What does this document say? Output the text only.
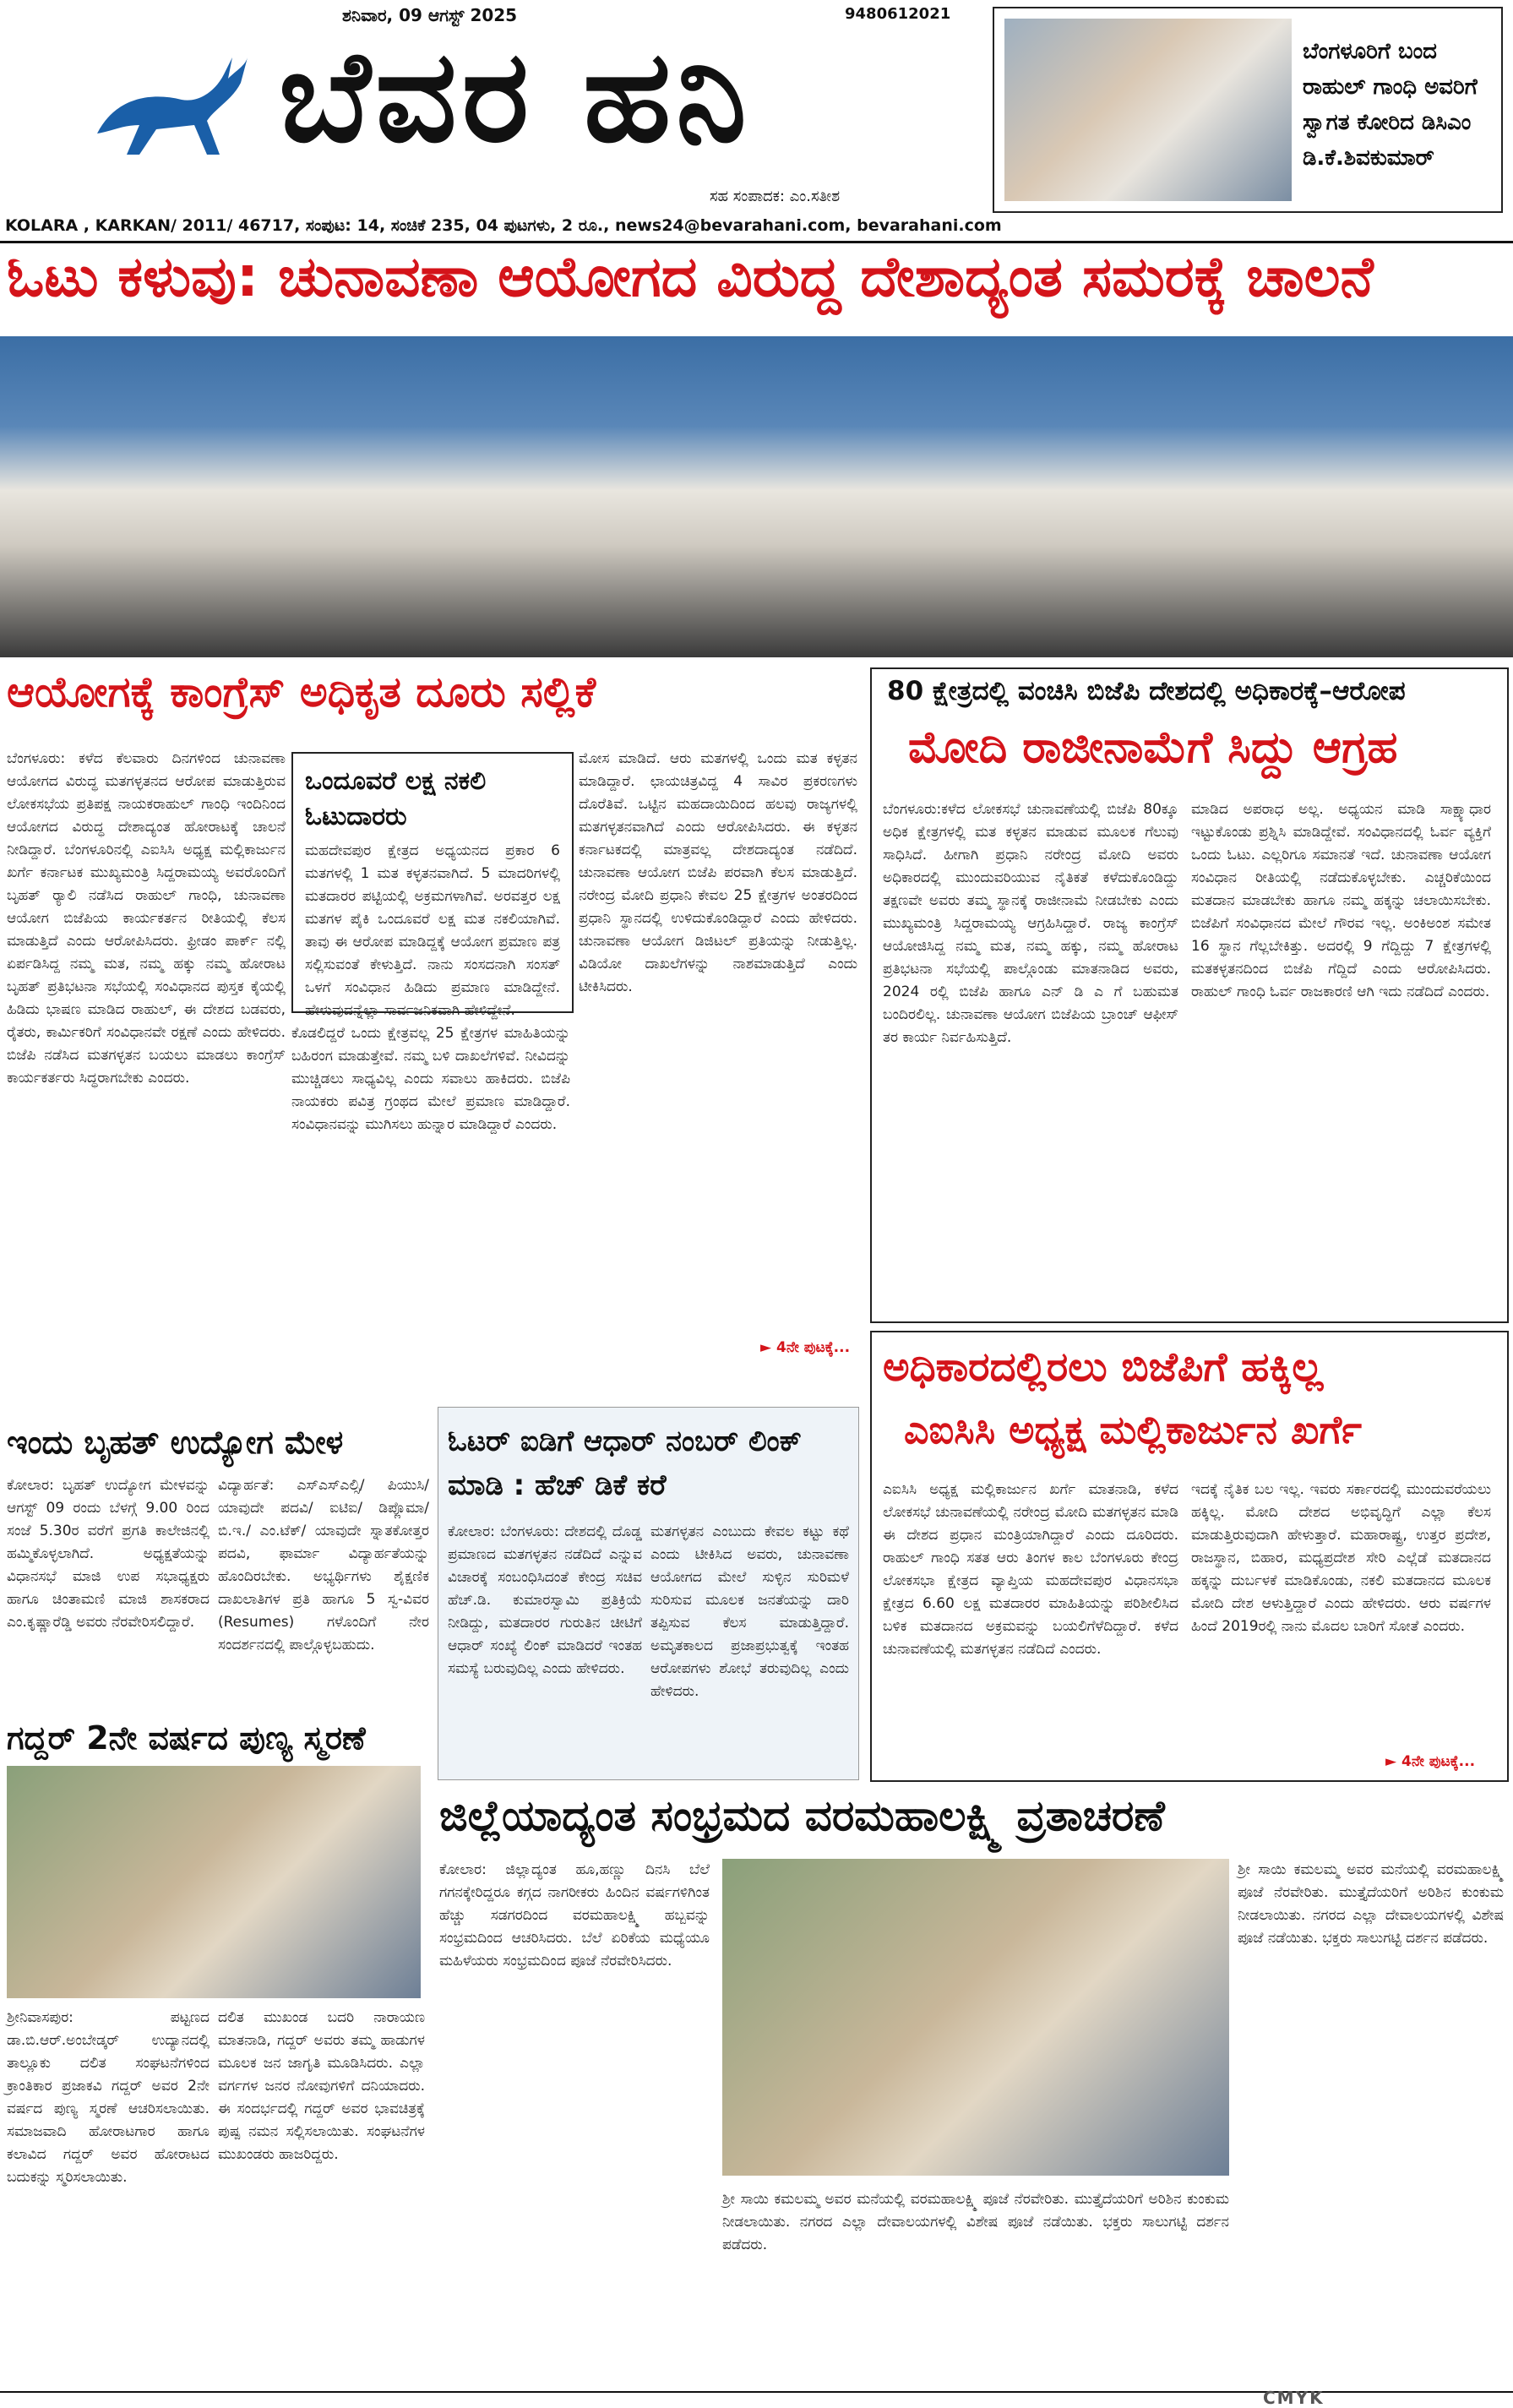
ಶನಿವಾರ, 09 ಆಗಸ್ಟ್ 2025	9480612021
ಬೆವರ ಹನಿ
ಸಹ ಸಂಪಾದಕ: ಎಂ.ಸತೀಶ
ಬೆಂಗಳೂರಿಗೆ ಬಂದ ರಾಹುಲ್ ಗಾಂಧಿ ಅವರಿಗೆ ಸ್ವಾಗತ ಕೋರಿದ ಡಿಸಿಎಂ ಡಿ.ಕೆ.ಶಿವಕುಮಾರ್
KOLARA , KARKAN/ 2011/ 46717, ಸಂಪುಟ: 14, ಸಂಚಿಕೆ 235, 04 ಪುಟಗಳು, 2 ರೂ., news24@bevarahani.com, bevarahani.com
ಓಟು ಕಳುವು: ಚುನಾವಣಾ ಆಯೋಗದ ವಿರುದ್ದ ದೇಶಾದ್ಯಂತ ಸಮರಕ್ಕೆ ಚಾಲನೆ
ಆಯೋಗಕ್ಕೆ ಕಾಂಗ್ರೆಸ್ ಅಧಿಕೃತ ದೂರು ಸಲ್ಲಿಕೆ
ಬೆಂಗಳೂರು: ಕಳೆದ ಕೆಲವಾರು ದಿನಗಳಿಂದ ಚುನಾವಣಾ ಆಯೋಗದ ವಿರುದ್ಧ ಮತಗಳ್ಳತನದ ಆರೋಪ ಮಾಡುತ್ತಿರುವ ಲೋಕಸಭೆಯ ಪ್ರತಿಪಕ್ಷ ನಾಯಕರಾಹುಲ್ ಗಾಂಧಿ ಇಂದಿನಿಂದ ಆಯೋಗದ ವಿರುದ್ಧ ದೇಶಾದ್ಯಂತ ಹೋರಾಟಕ್ಕೆ ಚಾಲನೆ ನೀಡಿದ್ದಾರೆ. ಬೆಂಗಳೂರಿನಲ್ಲಿ ಎಐಸಿಸಿ ಅಧ್ಯಕ್ಷ ಮಲ್ಲಿಕಾರ್ಜುನ ಖರ್ಗೆ ಕರ್ನಾಟಕ ಮುಖ್ಯಮಂತ್ರಿ ಸಿದ್ದರಾಮಯ್ಯ ಅವರೊಂದಿಗೆ ಬೃಹತ್ ರ‍್ಯಾಲಿ ನಡೆಸಿದ ರಾಹುಲ್ ಗಾಂಧಿ, ಚುನಾವಣಾ ಆಯೋಗ ಬಿಜೆಪಿಯ ಕಾರ್ಯಕರ್ತನ ರೀತಿಯಲ್ಲಿ ಕೆಲಸ ಮಾಡುತ್ತಿದೆ ಎಂದು ಆರೋಪಿಸಿದರು. ಫ್ರೀಡಂ ಪಾರ್ಕ್ ನಲ್ಲಿ ಏರ್ಪಡಿಸಿದ್ದ ನಮ್ಮ ಮತ, ನಮ್ಮ ಹಕ್ಕು ನಮ್ಮ ಹೋರಾಟ ಬೃಹತ್ ಪ್ರತಿಭಟನಾ ಸಭೆಯಲ್ಲಿ ಸಂವಿಧಾನದ ಪುಸ್ತಕ ಕೈಯಲ್ಲಿ ಹಿಡಿದು ಭಾಷಣ ಮಾಡಿದ ರಾಹುಲ್, ಈ ದೇಶದ ಬಡವರು, ರೈತರು, ಕಾರ್ಮಿಕರಿಗೆ ಸಂವಿಧಾನವೇ ರಕ್ಷಣೆ ಎಂದು ಹೇಳಿದರು. ಬಿಜೆಪಿ ನಡೆಸಿದ ಮತಗಳ್ಳತನ ಬಯಲು ಮಾಡಲು ಕಾಂಗ್ರೆಸ್ ಕಾರ್ಯಕರ್ತರು ಸಿದ್ಧರಾಗಬೇಕು ಎಂದರು.
ಒಂದೂವರೆ ಲಕ್ಷ ನಕಲಿ ಓಟುದಾರರು
ಮಹದೇವಪುರ ಕ್ಷೇತ್ರದ ಅಧ್ಯಯನದ ಪ್ರಕಾರ 6 ಮತಗಳಲ್ಲಿ 1 ಮತ ಕಳ್ಳತನವಾಗಿದೆ. 5 ಮಾದರಿಗಳಲ್ಲಿ ಮತದಾರರ ಪಟ್ಟಿಯಲ್ಲಿ ಅಕ್ರಮಗಳಾಗಿವೆ. ಅರವತ್ತರ ಲಕ್ಷ ಮತಗಳ ಪೈಕಿ ಒಂದೂವರೆ ಲಕ್ಷ ಮತ ನಕಲಿಯಾಗಿವೆ. ತಾವು ಈ ಆರೋಪ ಮಾಡಿದ್ದಕ್ಕೆ ಆಯೋಗ ಪ್ರಮಾಣ ಪತ್ರ ಸಲ್ಲಿಸುವಂತೆ ಕೇಳುತ್ತಿದೆ. ನಾನು ಸಂಸದನಾಗಿ ಸಂಸತ್ ಒಳಗೆ ಸಂವಿಧಾನ ಹಿಡಿದು ಪ್ರಮಾಣ ಮಾಡಿದ್ದೇನೆ. ಹೇಳುವುದನ್ನೆಲ್ಲಾ ಸಾರ್ವಜನಿಕವಾಗಿ ಹೇಳಿದ್ದೇನೆ.
ಕೊಡಲಿದ್ದರೆ ಒಂದು ಕ್ಷೇತ್ರವಲ್ಲ 25 ಕ್ಷೇತ್ರಗಳ ಮಾಹಿತಿಯನ್ನು ಬಹಿರಂಗ ಮಾಡುತ್ತೇವೆ. ನಮ್ಮ ಬಳಿ ದಾಖಲೆಗಳಿವೆ. ನೀವಿದನ್ನು ಮುಚ್ಚಿಡಲು ಸಾಧ್ಯವಿಲ್ಲ ಎಂದು ಸವಾಲು ಹಾಕಿದರು. ಬಿಜೆಪಿ ನಾಯಕರು ಪವಿತ್ರ ಗ್ರಂಥದ ಮೇಲೆ ಪ್ರಮಾಣ ಮಾಡಿದ್ದಾರೆ. ಸಂವಿಧಾನವನ್ನು ಮುಗಿಸಲು ಹುನ್ನಾರ ಮಾಡಿದ್ದಾರೆ ಎಂದರು.
ಮೋಸ ಮಾಡಿದೆ. ಆರು ಮತಗಳಲ್ಲಿ ಒಂದು ಮತ ಕಳ್ಳತನ ಮಾಡಿದ್ದಾರೆ. ಛಾಯಚಿತ್ರವಿದ್ದ 4 ಸಾವಿರ ಪ್ರಕರಣಗಳು ದೊರೆತಿವೆ. ಒಟ್ಟಿನ ಮಹದಾಯಿದಿಂದ ಹಲವು ರಾಜ್ಯಗಳಲ್ಲಿ ಮತಗಳ್ಳತನವಾಗಿದೆ ಎಂದು ಆರೋಪಿಸಿದರು. ಈ ಕಳ್ಳತನ ಕರ್ನಾಟಕದಲ್ಲಿ ಮಾತ್ರವಲ್ಲ ದೇಶದಾದ್ಯಂತ ನಡೆದಿದೆ. ಚುನಾವಣಾ ಆಯೋಗ ಬಿಜೆಪಿ ಪರವಾಗಿ ಕೆಲಸ ಮಾಡುತ್ತಿದೆ. ನರೇಂದ್ರ ಮೋದಿ ಪ್ರಧಾನಿ ಕೇವಲ 25 ಕ್ಷೇತ್ರಗಳ ಅಂತರದಿಂದ ಪ್ರಧಾನಿ ಸ್ಥಾನದಲ್ಲಿ ಉಳಿದುಕೊಂಡಿದ್ದಾರೆ ಎಂದು ಹೇಳಿದರು. ಚುನಾವಣಾ ಆಯೋಗ ಡಿಜಿಟಲ್ ಪ್ರತಿಯನ್ನು ನೀಡುತ್ತಿಲ್ಲ. ವಿಡಿಯೋ ದಾಖಲೆಗಳನ್ನು ನಾಶಮಾಡುತ್ತಿದೆ ಎಂದು ಟೀಕಿಸಿದರು.
► 4ನೇ ಪುಟಕ್ಕೆ...
80 ಕ್ಷೇತ್ರದಲ್ಲಿ ವಂಚಿಸಿ ಬಿಜೆಪಿ ದೇಶದಲ್ಲಿ ಅಧಿಕಾರಕ್ಕೆ–ಆರೋಪ
ಮೋದಿ ರಾಜೀನಾಮೆಗೆ ಸಿದ್ದು ಆಗ್ರಹ
ಬೆಂಗಳೂರು:ಕಳೆದ ಲೋಕಸಭೆ ಚುನಾವಣೆಯಲ್ಲಿ ಬಿಜೆಪಿ 80ಕ್ಕೂ ಅಧಿಕ ಕ್ಷೇತ್ರಗಳಲ್ಲಿ ಮತ ಕಳ್ಳತನ ಮಾಡುವ ಮೂಲಕ ಗೆಲುವು ಸಾಧಿಸಿದೆ. ಹೀಗಾಗಿ ಪ್ರಧಾನಿ ನರೇಂದ್ರ ಮೋದಿ ಅವರು ಅಧಿಕಾರದಲ್ಲಿ ಮುಂದುವರಿಯುವ ನೈತಿಕತೆ ಕಳೆದುಕೊಂಡಿದ್ದು ತಕ್ಷಣವೇ ಅವರು ತಮ್ಮ ಸ್ಥಾನಕ್ಕೆ ರಾಜೀನಾಮೆ ನೀಡಬೇಕು ಎಂದು ಮುಖ್ಯಮಂತ್ರಿ ಸಿದ್ದರಾಮಯ್ಯ ಆಗ್ರಹಿಸಿದ್ದಾರೆ. ರಾಜ್ಯ ಕಾಂಗ್ರೆಸ್ ಆಯೋಜಿಸಿದ್ದ ನಮ್ಮ ಮತ, ನಮ್ಮ ಹಕ್ಕು, ನಮ್ಮ ಹೋರಾಟ ಪ್ರತಿಭಟನಾ ಸಭೆಯಲ್ಲಿ ಪಾಲ್ಗೊಂಡು ಮಾತನಾಡಿದ ಅವರು, 2024 ರಲ್ಲಿ ಬಿಜೆಪಿ ಹಾಗೂ ಎನ್ ಡಿ ಎ ಗೆ ಬಹುಮತ ಬಂದಿರಲಿಲ್ಲ. ಚುನಾವಣಾ ಆಯೋಗ ಬಿಜೆಪಿಯ ಬ್ರಾಂಚ್ ಆಫೀಸ್ ತರ ಕಾರ್ಯ ನಿರ್ವಹಿಸುತ್ತಿದೆ.
ಮಾಡಿದ ಅಪರಾಧ ಅಲ್ಲ. ಅಧ್ಯಯನ ಮಾಡಿ ಸಾಕ್ಷ್ಯಾಧಾರ ಇಟ್ಟುಕೊಂಡು ಪ್ರಶ್ನಿಸಿ ಮಾಡಿದ್ದೇವೆ. ಸಂವಿಧಾನದಲ್ಲಿ ಓರ್ವ ವ್ಯಕ್ತಿಗೆ ಒಂದು ಓಟು. ಎಲ್ಲರಿಗೂ ಸಮಾನತೆ ಇದೆ. ಚುನಾವಣಾ ಆಯೋಗ ಸಂವಿಧಾನ ರೀತಿಯಲ್ಲಿ ನಡೆದುಕೊಳ್ಳಬೇಕು. ಎಚ್ಚರಿಕೆಯಿಂದ ಮತದಾನ ಮಾಡಬೇಕು ಹಾಗೂ ನಮ್ಮ ಹಕ್ಕನ್ನು ಚಲಾಯಿಸಬೇಕು. ಬಿಜೆಪಿಗೆ ಸಂವಿಧಾನದ ಮೇಲೆ ಗೌರವ ಇಲ್ಲ. ಅಂಕಿಅಂಶ ಸಮೇತ 16 ಸ್ಥಾನ ಗೆಲ್ಲಬೇಕಿತ್ತು. ಅದರಲ್ಲಿ 9 ಗೆದ್ದಿದ್ದು 7 ಕ್ಷೇತ್ರಗಳಲ್ಲಿ ಮತಕಳ್ಳತನದಿಂದ ಬಿಜೆಪಿ ಗೆದ್ದಿದೆ ಎಂದು ಆರೋಪಿಸಿದರು. ರಾಹುಲ್ ಗಾಂಧಿ ಓರ್ವ ರಾಜಕಾರಣಿ ಆಗಿ ಇದು ನಡೆದಿದೆ ಎಂದರು.
ಅಧಿಕಾರದಲ್ಲಿರಲು ಬಿಜೆಪಿಗೆ ಹಕ್ಕಿಲ್ಲ
ಎಐಸಿಸಿ ಅಧ್ಯಕ್ಷ ಮಲ್ಲಿಕಾರ್ಜುನ ಖರ್ಗೆ
ಎಐಸಿಸಿ ಅಧ್ಯಕ್ಷ ಮಲ್ಲಿಕಾರ್ಜುನ ಖರ್ಗೆ ಮಾತನಾಡಿ, ಕಳೆದ ಲೋಕಸಭೆ ಚುನಾವಣೆಯಲ್ಲಿ ನರೇಂದ್ರ ಮೋದಿ ಮತಗಳ್ಳತನ ಮಾಡಿ ಈ ದೇಶದ ಪ್ರಧಾನ ಮಂತ್ರಿಯಾಗಿದ್ದಾರೆ ಎಂದು ದೂರಿದರು. ರಾಹುಲ್ ಗಾಂಧಿ ಸತತ ಆರು ತಿಂಗಳ ಕಾಲ ಬೆಂಗಳೂರು ಕೇಂದ್ರ ಲೋಕಸಭಾ ಕ್ಷೇತ್ರದ ವ್ಯಾಪ್ತಿಯ ಮಹದೇವಪುರ ವಿಧಾನಸಭಾ ಕ್ಷೇತ್ರದ 6.60 ಲಕ್ಷ ಮತದಾರರ ಮಾಹಿತಿಯನ್ನು ಪರಿಶೀಲಿಸಿದ ಬಳಿಕ ಮತದಾನದ ಅಕ್ರಮವನ್ನು ಬಯಲಿಗೆಳೆದಿದ್ದಾರೆ. ಕಳೆದ ಚುನಾವಣೆಯಲ್ಲಿ ಮತಗಳ್ಳತನ ನಡೆದಿದೆ ಎಂದರು.
ಇದಕ್ಕೆ ನೈತಿಕ ಬಲ ಇಲ್ಲ. ಇವರು ಸರ್ಕಾರದಲ್ಲಿ ಮುಂದುವರೆಯಲು ಹಕ್ಕಿಲ್ಲ. ಮೋದಿ ದೇಶದ ಅಭಿವೃದ್ಧಿಗೆ ಎಲ್ಲಾ ಕೆಲಸ ಮಾಡುತ್ತಿರುವುದಾಗಿ ಹೇಳುತ್ತಾರೆ. ಮಹಾರಾಷ್ಟ್ರ, ಉತ್ತರ ಪ್ರದೇಶ, ರಾಜಸ್ಥಾನ, ಬಿಹಾರ, ಮಧ್ಯಪ್ರದೇಶ ಸೇರಿ ಎಲ್ಲೆಡೆ ಮತದಾನದ ಹಕ್ಕನ್ನು ದುರ್ಬಳಕೆ ಮಾಡಿಕೊಂಡು, ನಕಲಿ ಮತದಾನದ ಮೂಲಕ ಮೋದಿ ದೇಶ ಆಳುತ್ತಿದ್ದಾರೆ ಎಂದು ಹೇಳಿದರು. ಆರು ವರ್ಷಗಳ ಹಿಂದೆ 2019ರಲ್ಲಿ ನಾನು ಮೊದಲ ಬಾರಿಗೆ ಸೋತೆ ಎಂದರು.
► 4ನೇ ಪುಟಕ್ಕೆ...
ಇಂದು ಬೃಹತ್ ಉದ್ಯೋಗ ಮೇಳ
ಕೋಲಾರ: ಬೃಹತ್ ಉದ್ಯೋಗ ಮೇಳವನ್ನು ಆಗಸ್ಟ್ 09 ರಂದು ಬೆಳಗ್ಗೆ 9.00 ರಿಂದ ಸಂಜೆ 5.30ರ ವರೆಗೆ ಪ್ರಗತಿ ಕಾಲೇಜಿನಲ್ಲಿ ಹಮ್ಮಿಕೊಳ್ಳಲಾಗಿದೆ. ಅಧ್ಯಕ್ಷತೆಯನ್ನು ವಿಧಾನಸಭೆ ಮಾಜಿ ಉಪ ಸಭಾಧ್ಯಕ್ಷರು ಹಾಗೂ ಚಿಂತಾಮಣಿ ಮಾಜಿ ಶಾಸಕರಾದ ಎಂ.ಕೃಷ್ಣಾರೆಡ್ಡಿ ಅವರು ನೆರವೇರಿಸಲಿದ್ದಾರೆ.
ವಿದ್ಯಾರ್ಹತೆ: ಎಸ್ಎಸ್ಎಲ್ಸಿ/ ಪಿಯುಸಿ/ ಯಾವುದೇ ಪದವಿ/ ಐಟಿಐ/ ಡಿಪ್ಲೊಮಾ/ ಬಿ.ಇ./ ಎಂ.ಟೆಕ್/ ಯಾವುದೇ ಸ್ನಾತಕೋತ್ತರ ಪದವಿ, ಫಾರ್ಮಾ ವಿದ್ಯಾರ್ಹತೆಯನ್ನು ಹೊಂದಿರಬೇಕು. ಅಭ್ಯರ್ಥಿಗಳು ಶೈಕ್ಷಣಿಕ ದಾಖಲಾತಿಗಳ ಪ್ರತಿ ಹಾಗೂ 5 ಸ್ವ-ವಿವರ (Resumes) ಗಳೊಂದಿಗೆ ನೇರ ಸಂದರ್ಶನದಲ್ಲಿ ಪಾಲ್ಗೊಳ್ಳಬಹುದು.
ಓಟರ್ ಐಡಿಗೆ ಆಧಾರ್ ನಂಬರ್ ಲಿಂಕ್ ಮಾಡಿ : ಹೆಚ್ ಡಿಕೆ ಕರೆ
ಕೋಲಾರ: ಬೆಂಗಳೂರು: ದೇಶದಲ್ಲಿ ದೊಡ್ಡ ಪ್ರಮಾಣದ ಮತಗಳ್ಳತನ ನಡೆದಿದೆ ಎನ್ನುವ ವಿಚಾರಕ್ಕೆ ಸಂಬಂಧಿಸಿದಂತೆ ಕೇಂದ್ರ ಸಚಿವ ಹೆಚ್.ಡಿ. ಕುಮಾರಸ್ವಾಮಿ ಪ್ರತಿಕ್ರಿಯೆ ನೀಡಿದ್ದು, ಮತದಾರರ ಗುರುತಿನ ಚೀಟಿಗೆ ಆಧಾರ್ ಸಂಖ್ಯೆ ಲಿಂಕ್ ಮಾಡಿದರೆ ಇಂತಹ ಸಮಸ್ಯೆ ಬರುವುದಿಲ್ಲ ಎಂದು ಹೇಳಿದರು.
ಮತಗಳ್ಳತನ ಎಂಬುದು ಕೇವಲ ಕಟ್ಟು ಕಥೆ ಎಂದು ಟೀಕಿಸಿದ ಅವರು, ಚುನಾವಣಾ ಆಯೋಗದ ಮೇಲೆ ಸುಳ್ಳಿನ ಸುರಿಮಳೆ ಸುರಿಸುವ ಮೂಲಕ ಜನತೆಯನ್ನು ದಾರಿ ತಪ್ಪಿಸುವ ಕೆಲಸ ಮಾಡುತ್ತಿದ್ದಾರೆ. ಅಮೃತಕಾಲದ ಪ್ರಜಾಪ್ರಭುತ್ವಕ್ಕೆ ಇಂತಹ ಆರೋಪಗಳು ಶೋಭೆ ತರುವುದಿಲ್ಲ ಎಂದು ಹೇಳಿದರು.
ಗದ್ದರ್ 2ನೇ ವರ್ಷದ ಪುಣ್ಯ ಸ್ಮರಣೆ
ಶ್ರೀನಿವಾಸಪುರ: ಪಟ್ಟಣದ ಡಾ.ಬಿ.ಆರ್.ಅಂಬೇಡ್ಕರ್ ಉದ್ಯಾನದಲ್ಲಿ ತಾಲ್ಲೂಕು ದಲಿತ ಸಂಘಟನೆಗಳಿಂದ ಕ್ರಾಂತಿಕಾರ ಪ್ರಜಾಕವಿ ಗದ್ದರ್ ಅವರ 2ನೇ ವರ್ಷದ ಪುಣ್ಯ ಸ್ಮರಣೆ ಆಚರಿಸಲಾಯಿತು. ಸಮಾಜವಾದಿ ಹೋರಾಟಗಾರ ಹಾಗೂ ಕಲಾವಿದ ಗದ್ದರ್ ಅವರ ಹೋರಾಟದ ಬದುಕನ್ನು ಸ್ಮರಿಸಲಾಯಿತು.
ದಲಿತ ಮುಖಂಡ ಬದರಿ ನಾರಾಯಣ ಮಾತನಾಡಿ, ಗದ್ದರ್ ಅವರು ತಮ್ಮ ಹಾಡುಗಳ ಮೂಲಕ ಜನ ಜಾಗೃತಿ ಮೂಡಿಸಿದರು. ಎಲ್ಲಾ ವರ್ಗಗಳ ಜನರ ನೋವುಗಳಿಗೆ ದನಿಯಾದರು. ಈ ಸಂದರ್ಭದಲ್ಲಿ ಗದ್ದರ್ ಅವರ ಭಾವಚಿತ್ರಕ್ಕೆ ಪುಷ್ಪ ನಮನ ಸಲ್ಲಿಸಲಾಯಿತು. ಸಂಘಟನೆಗಳ ಮುಖಂಡರು ಹಾಜರಿದ್ದರು.
ಜಿಲ್ಲೆಯಾದ್ಯಂತ ಸಂಭ್ರಮದ ವರಮಹಾಲಕ್ಷ್ಮಿ ವ್ರತಾಚರಣೆ
ಕೋಲಾರ: ಜಿಲ್ಲಾದ್ಯಂತ ಹೂ,ಹಣ್ಣು ದಿನಸಿ ಬೆಲೆ ಗಗನಕ್ಕೇರಿದ್ದರೂ ಕಗ್ಗದ ನಾಗರೀಕರು ಹಿಂದಿನ ವರ್ಷಗಳಿಗಿಂತ ಹೆಚ್ಚು ಸಡಗರದಿಂದ ವರಮಹಾಲಕ್ಷ್ಮಿ ಹಬ್ಬವನ್ನು ಸಂಭ್ರಮದಿಂದ ಆಚರಿಸಿದರು. ಬೆಲೆ ಏರಿಕೆಯ ಮಧ್ಯೆಯೂ ಮಹಿಳೆಯರು ಸಂಭ್ರಮದಿಂದ ಪೂಜೆ ನೆರವೇರಿಸಿದರು.
ಶ್ರೀ ಸಾಯಿ ಕಮಲಮ್ಮ ಅವರ ಮನೆಯಲ್ಲಿ ವರಮಹಾಲಕ್ಷ್ಮಿ ಪೂಜೆ ನೆರವೇರಿತು. ಮುತ್ತೈದೆಯರಿಗೆ ಅರಿಶಿನ ಕುಂಕುಮ ನೀಡಲಾಯಿತು. ನಗರದ ಎಲ್ಲಾ ದೇವಾಲಯಗಳಲ್ಲಿ ವಿಶೇಷ ಪೂಜೆ ನಡೆಯಿತು. ಭಕ್ತರು ಸಾಲುಗಟ್ಟಿ ದರ್ಶನ ಪಡೆದರು.
ಶ್ರೀ ಸಾಯಿ ಕಮಲಮ್ಮ ಅವರ ಮನೆಯಲ್ಲಿ ವರಮಹಾಲಕ್ಷ್ಮಿ ಪೂಜೆ ನೆರವೇರಿತು. ಮುತ್ತೈದೆಯರಿಗೆ ಅರಿಶಿನ ಕುಂಕುಮ ನೀಡಲಾಯಿತು. ನಗರದ ಎಲ್ಲಾ ದೇವಾಲಯಗಳಲ್ಲಿ ವಿಶೇಷ ಪೂಜೆ ನಡೆಯಿತು. ಭಕ್ತರು ಸಾಲುಗಟ್ಟಿ ದರ್ಶನ ಪಡೆದರು.
CMYK
